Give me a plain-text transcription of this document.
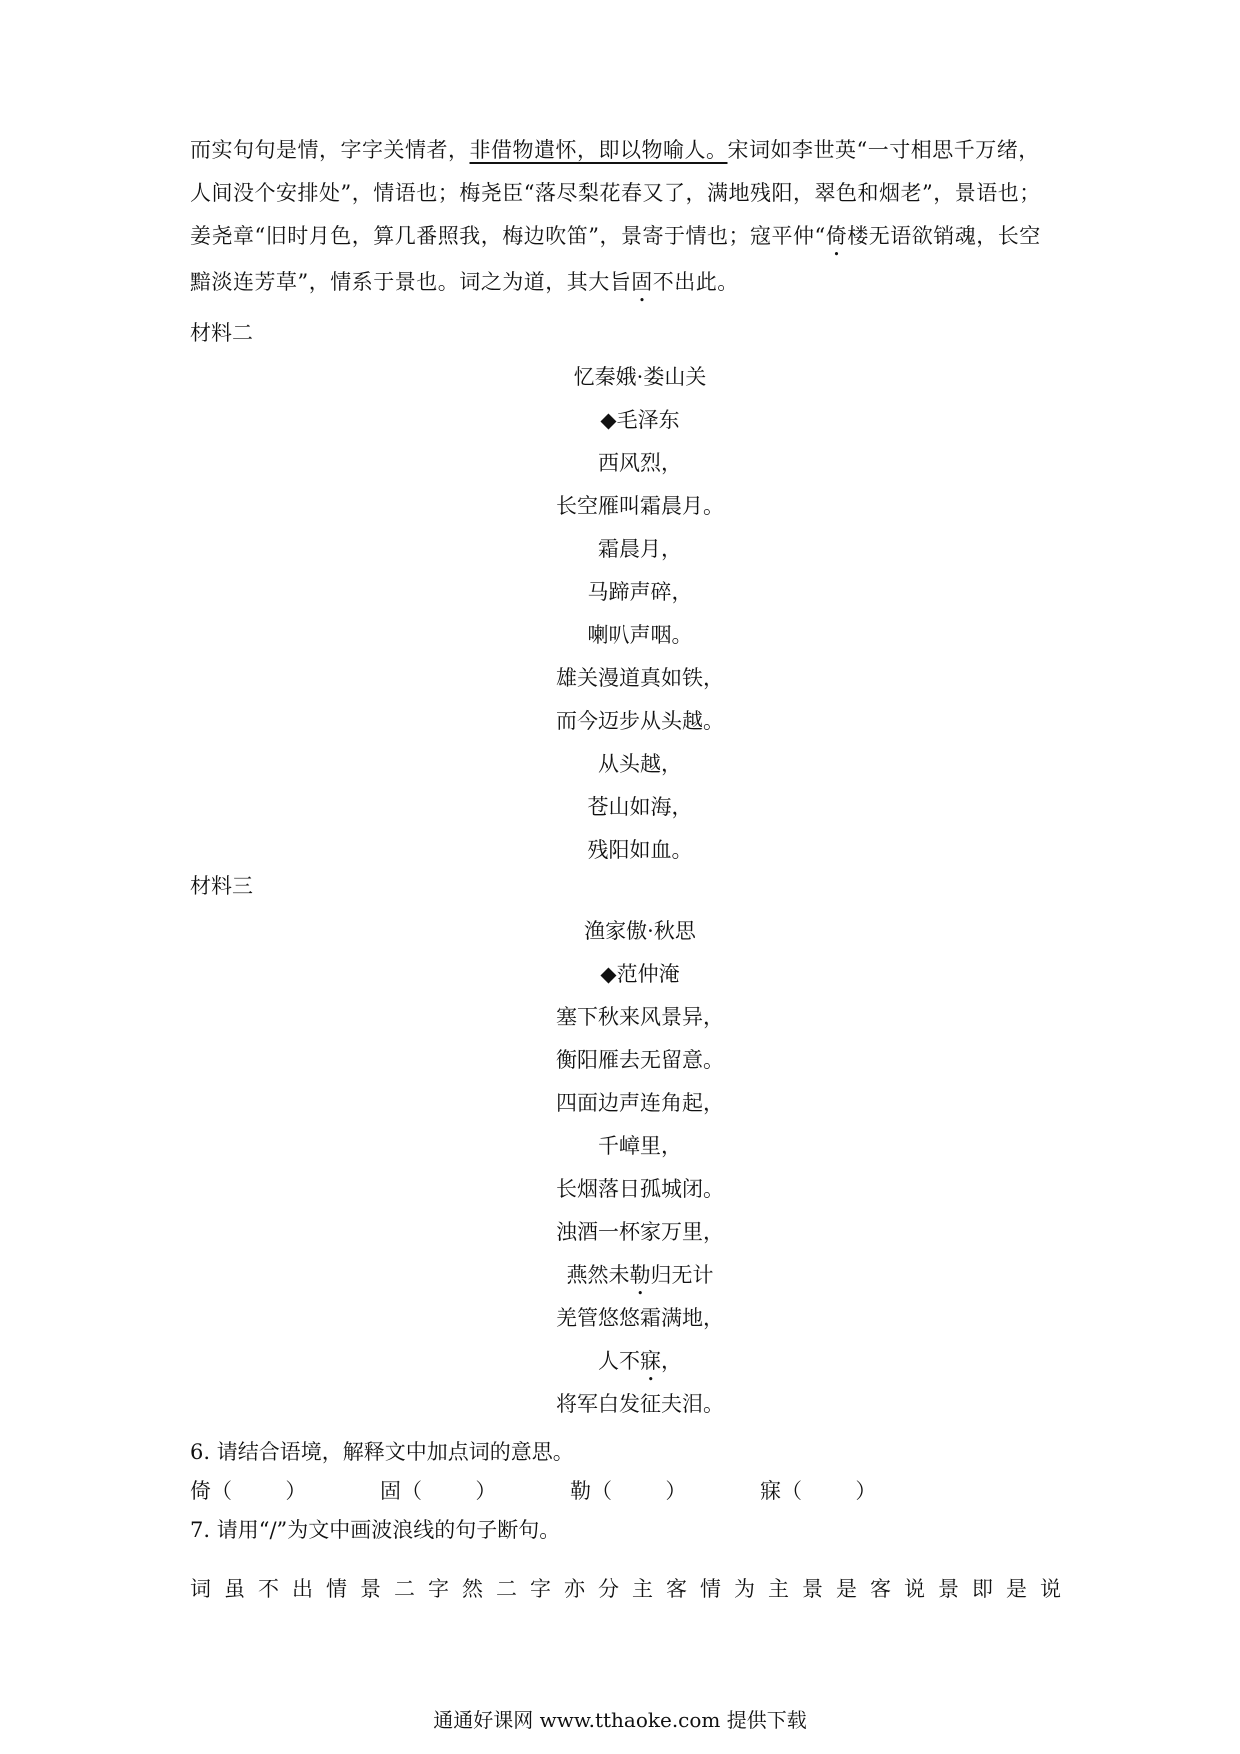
而实句句是情，字字关情者，非借物遣怀，即以物喻人。宋词如李世英“一寸相思千万绪，人间没个安排处”，情语也；梅尧臣“落尽梨花春又了，满地残阳，翠色和烟老”，景语也；姜尧章“旧时月色，算几番照我，梅边吹笛”，景寄于情也；寇平仲“倚楼无语欲销魂，长空黯淡连芳草”，情系于景也。词之为道，其大旨固不出此。
材料二
忆秦娥·娄山关
◆毛泽东
西风烈，
长空雁叫霜晨月。
霜晨月，
马蹄声碎，
喇叭声咽。
雄关漫道真如铁，
而今迈步从头越。
从头越，
苍山如海，
残阳如血。
材料三
渔家傲·秋思
◆范仲淹
塞下秋来风景异，
衡阳雁去无留意。
四面边声连角起，
千嶂里，
长烟落日孤城闭。
浊酒一杯家万里，
燕然未勒归无计
羌管悠悠霜满地，
人不寐，
将军白发征夫泪。
6. 请结合语境，解释文中加点词的意思。
倚（        ）	固（        ）	勒（        ）	寐（        ）
7. 请用“/”为文中画波浪线的句子断句。
词虽不出情景二字然二字亦分主客情为主景是客说景即是说
通通好课网 www.tthaoke.com 提供下载
